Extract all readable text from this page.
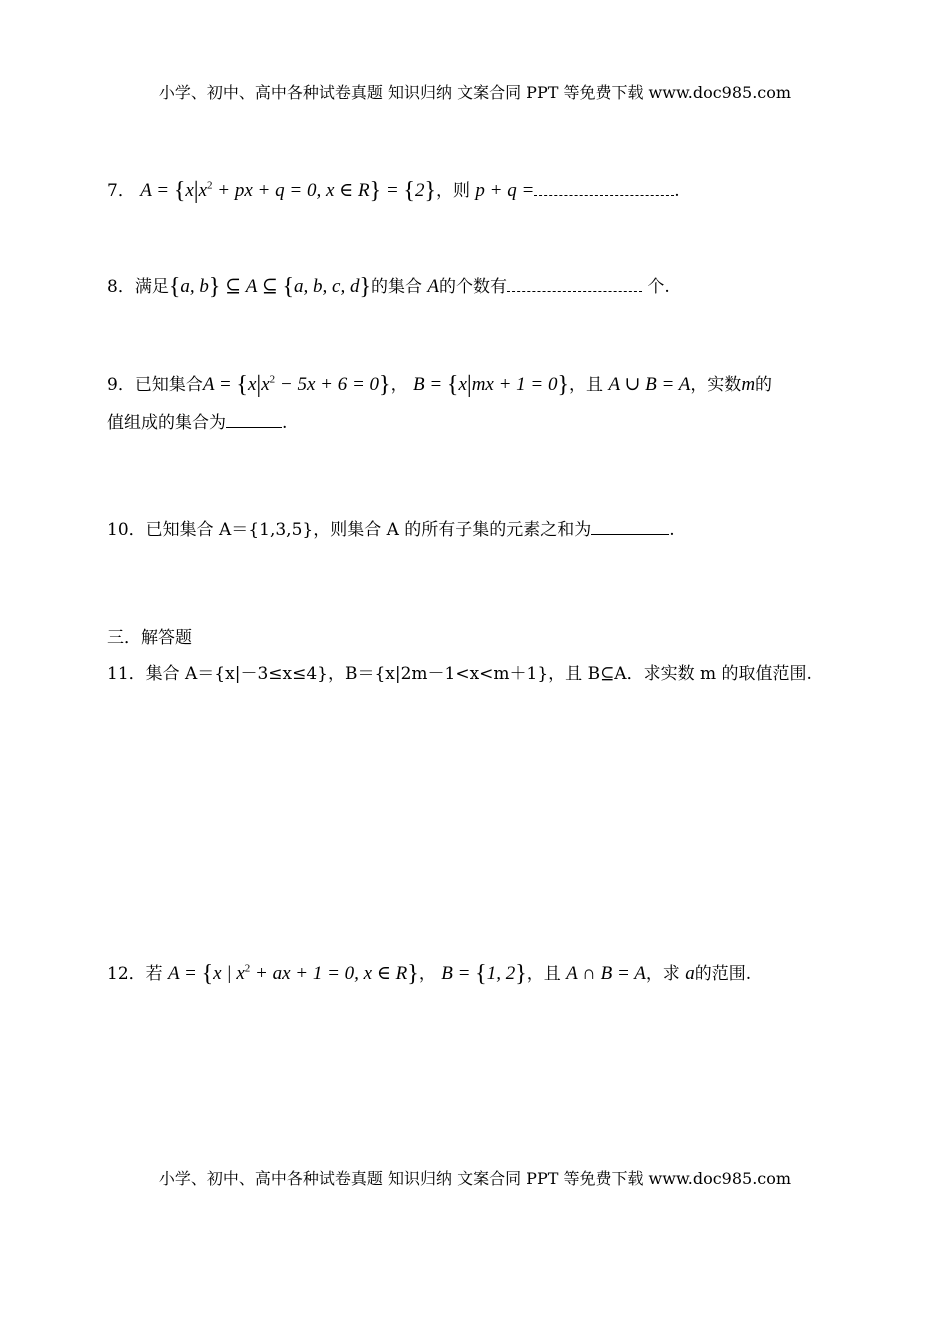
小学、初中、高中各种试卷真题 知识归纳 文案合同 PPT 等免费下载 www.doc985.com
7． $A = \{x|x^2$ + px + q = 0, x ∈ R} = {2}，则 p + q =	.
8．满足{a, b} ⊆ A ⊆ {a, b, c, d}的集合 A的个数有	个.
9．已知集合$A = \{x|x^2 - 5x + 6 = 0\}$， B = {x|mx + 1 = 0}，且 A ∪ B = A，实数m的
值组成的集合为	.
10．已知集合 A＝{1,3,5}，则集合 A 的所有子集的元素之和为	.
三．解答题
11．集合 A＝{x|－3≤x≤4}，B＝{x|2m－1<x<m＋1}，且 B⊆A．求实数 m 的取值范围.
12．若 A = {x | $x^2$ + ax + 1 = 0, x ∈ R}， B = {1, 2}，且 A ∩ B = A，求 a的范围.
小学、初中、高中各种试卷真题 知识归纳 文案合同 PPT 等免费下载 www.doc985.com
